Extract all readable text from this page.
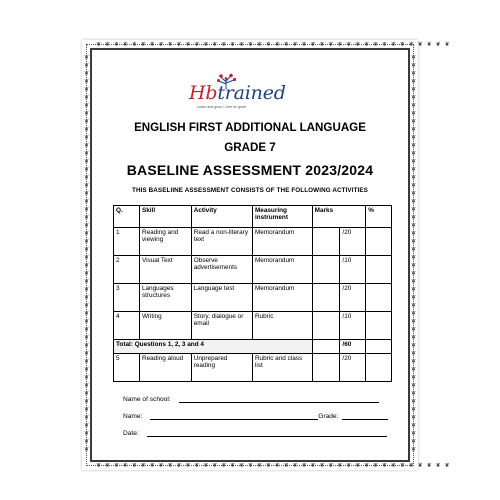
❦ ❦ ❦ ❦ ❦ ❦ ❦ ❦ ❦ ❦ ❦ ❦ ❦ ❦ ❦ ❦ ❦ ❦ ❦ ❦ ❦ ❦ ❦ ❦ ❦ ❦ ❦ ❦ ❦ ❦ ❦ ❦ ❦ ❦ ❦ ❦ ❦ ❦ ❦ ❦
❦ ❦ ❦ ❦ ❦ ❦ ❦ ❦ ❦ ❦ ❦ ❦ ❦ ❦ ❦ ❦ ❦ ❦ ❦ ❦ ❦ ❦ ❦ ❦ ❦ ❦ ❦ ❦ ❦ ❦ ❦ ❦ ❦ ❦ ❦ ❦ ❦ ❦ ❦ ❦
❦
❦
❦
❦
❦
❦
❦
❦
❦
❦
❦
❦
❦
❦
❦
❦
❦
❦
❦
❦
❦
❦
❦
❦
❦
❦
❦
❦
❦
❦
❦
❦
❦
❦
❦
❦
❦
❦
❦
❦
❦
❦
❦
❦
❦
❦
❦
❦
❦
❦
❦
❦
❦
❦
❦
❦
❦
❦
❦
❦
❦
❦
❦
❦
❦
❦
❦
❦
❦
❦
❦
❦
❦
❦
❦
❦
❦
❦
❦
❦
❦
❦
❦
❦
❦
❦
❦
❦
❦
❦
❦
❦
❦
❦
❦
❦
❦
❦
❦
❦
Hbtrained
Learn and grow / Leer en groei
ENGLISH FIRST ADDITIONAL LANGUAGE
GRADE 7
BASELINE ASSESSMENT 2023/2024
THIS BASELIINE ASSESSMENT CONSISTS OF THE FOLLOWING ACTIVITIES
Q.	Skill	Activity	Measuring instrument	Marks		%
1	Reading and viewing	Read a non-literary text	Memorandum		/20	
2	Visual Text	Observe advertisements	Memorandum		/10	
3	Languages structures	Language test	Memorandum		/20	
4	Writing	Story, dialogue or email	Rubric		/10	
Total: Questions 1, 2, 3 and 4					/60	
5	Reading aloud	Unprepared reading	Rubric and class list		/20	
Name of school:
Name:	Grade:
Date:
